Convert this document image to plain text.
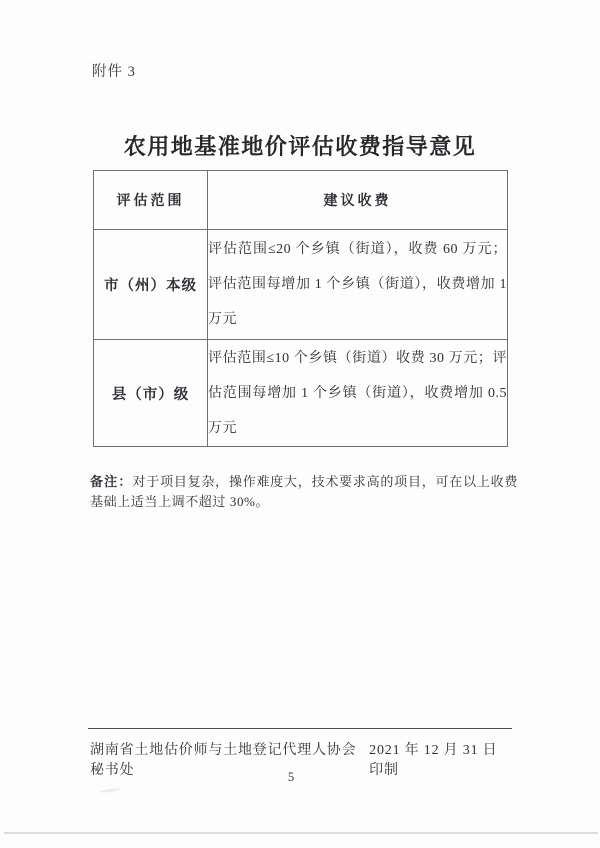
附件 3
农用地基准地价评估收费指导意见
评估范围	建议收费
市（州）本级	评估范围≤20 个乡镇（街道），收费 60 万元；评估范围每增加 1 个乡镇（街道），收费增加 1 万元
县（市）级	评估范围≤10 个乡镇（街道）收费 30 万元；评估范围每增加 1 个乡镇（街道），收费增加 0.5 万元

备注：对于项目复杂，操作难度大，技术要求高的项目，可在以上收费基础上适当上调不超过 30%。

湖南省土地估价师与土地登记代理人协会秘书处
2021 年 12 月 31 日印制
5
